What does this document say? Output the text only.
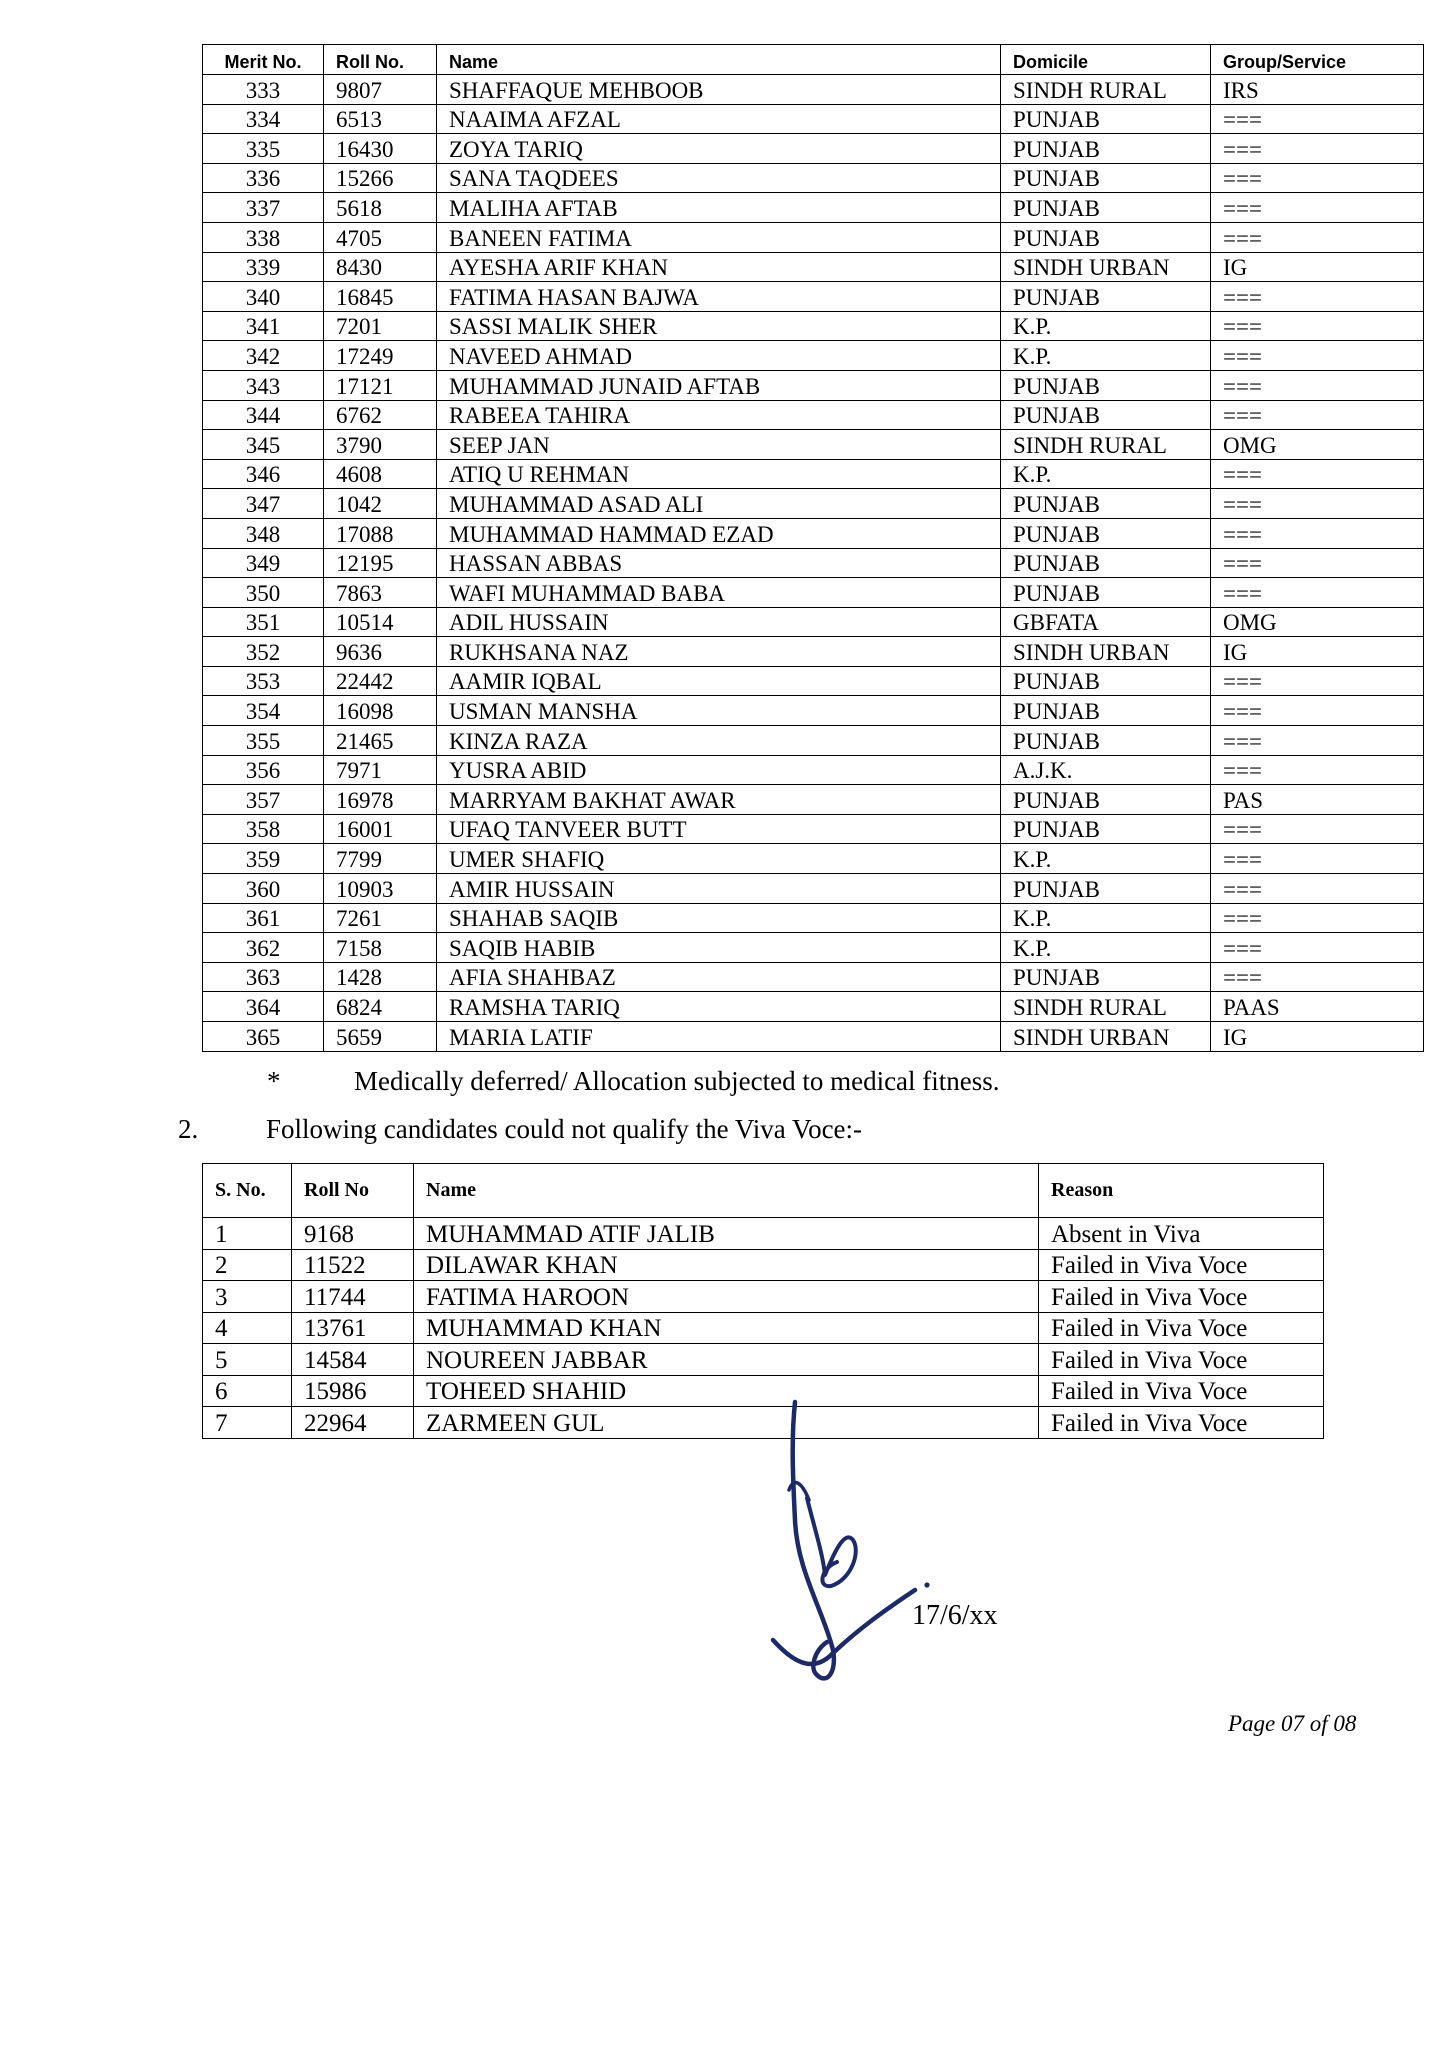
Merit No.	Roll No.	Name	Domicile	Group/Service
333	9807	SHAFFAQUE MEHBOOB	SINDH RURAL	IRS
334	6513	NAAIMA AFZAL	PUNJAB	===
335	16430	ZOYA TARIQ	PUNJAB	===
336	15266	SANA TAQDEES	PUNJAB	===
337	5618	MALIHA AFTAB	PUNJAB	===
338	4705	BANEEN FATIMA	PUNJAB	===
339	8430	AYESHA ARIF KHAN	SINDH URBAN	IG
340	16845	FATIMA HASAN BAJWA	PUNJAB	===
341	7201	SASSI MALIK SHER	K.P.	===
342	17249	NAVEED AHMAD	K.P.	===
343	17121	MUHAMMAD JUNAID AFTAB	PUNJAB	===
344	6762	RABEEA TAHIRA	PUNJAB	===
345	3790	SEEP JAN	SINDH RURAL	OMG
346	4608	ATIQ U REHMAN	K.P.	===
347	1042	MUHAMMAD ASAD ALI	PUNJAB	===
348	17088	MUHAMMAD HAMMAD EZAD	PUNJAB	===
349	12195	HASSAN ABBAS	PUNJAB	===
350	7863	WAFI MUHAMMAD BABA	PUNJAB	===
351	10514	ADIL HUSSAIN	GBFATA	OMG
352	9636	RUKHSANA NAZ	SINDH URBAN	IG
353	22442	AAMIR IQBAL	PUNJAB	===
354	16098	USMAN MANSHA	PUNJAB	===
355	21465	KINZA RAZA	PUNJAB	===
356	7971	YUSRA ABID	A.J.K.	===
357	16978	MARRYAM BAKHAT AWAR	PUNJAB	PAS
358	16001	UFAQ TANVEER BUTT	PUNJAB	===
359	7799	UMER SHAFIQ	K.P.	===
360	10903	AMIR HUSSAIN	PUNJAB	===
361	7261	SHAHAB SAQIB	K.P.	===
362	7158	SAQIB HABIB	K.P.	===
363	1428	AFIA SHAHBAZ	PUNJAB	===
364	6824	RAMSHA TARIQ	SINDH RURAL	PAAS
365	5659	MARIA LATIF	SINDH URBAN	IG
*	Medically deferred/ Allocation subjected to medical fitness.
2.	Following candidates could not qualify the Viva Voce:-
S. No.	Roll No	Name	Reason
1	9168	MUHAMMAD ATIF JALIB	Absent in Viva
2	11522	DILAWAR KHAN	Failed in Viva Voce
3	11744	FATIMA HAROON	Failed in Viva Voce
4	13761	MUHAMMAD KHAN	Failed in Viva Voce
5	14584	NOUREEN JABBAR	Failed in Viva Voce
6	15986	TOHEED SHAHID	Failed in Viva Voce
7	22964	ZARMEEN GUL	Failed in Viva Voce
17/6/xx
Page 07 of 08
